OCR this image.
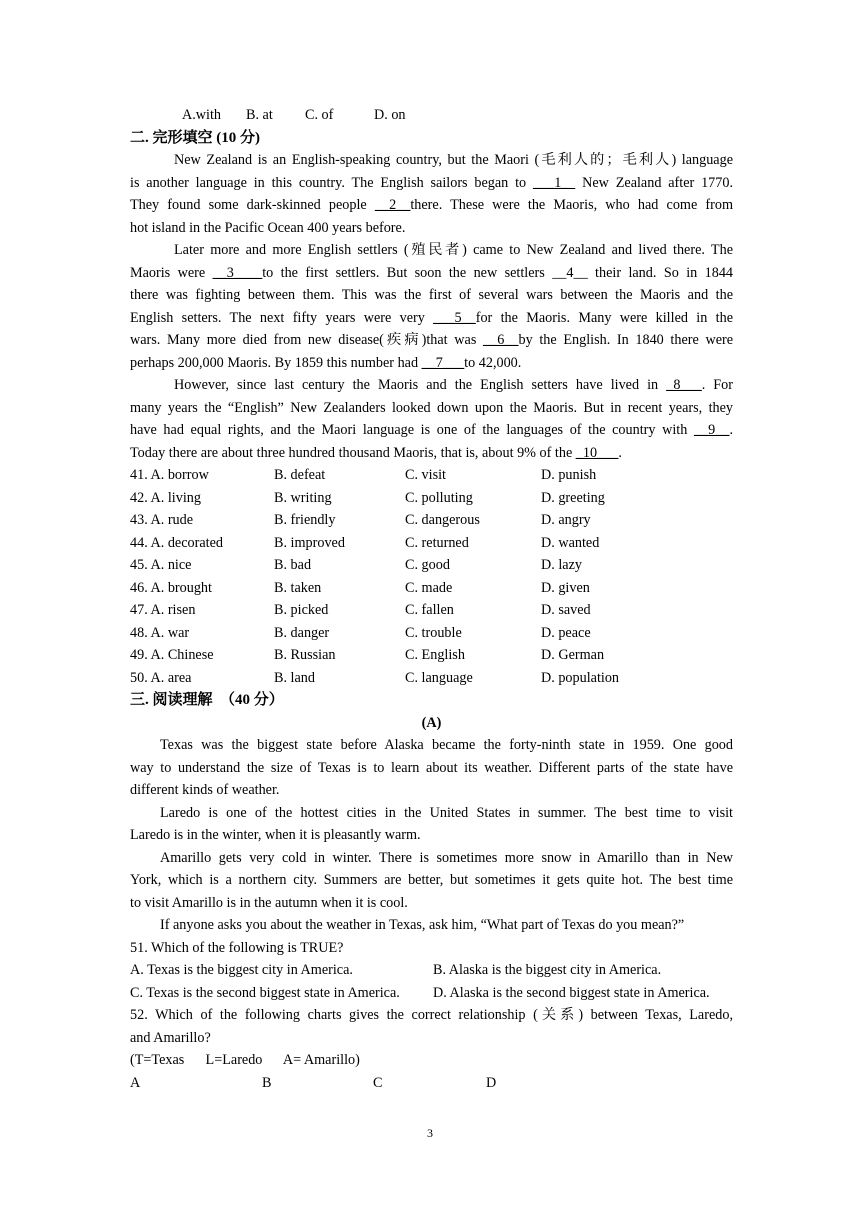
A.with B. at C. of	D. on
二. 完形填空 (10 分)
New Zealand is an English-speaking country, but the Maori (毛利人的；毛利人) language
is another language in this country. The English sailors began to ___1_  New Zealand after 1770.
They found some dark-skinned people __2__there. These were the Maoris, who had come from
hot island in the Pacific Ocean 400 years before.
Later more and more English settlers (殖民者) came to New Zealand and lived there. The
Maoris were __3____to the first settlers. But soon the new settlers __4__ their land. So in 1844
there was fighting between them. This was the first of several wars between the Maoris and the
English setters. The next fifty years were very ___5__for the Maoris. Many were killed in the
wars. Many more died from new disease(疾病)that was __6__by the English. In 1840 there were
perhaps 200,000 Maoris. By 1859 this number had __7___to 42,000.
However, since last century the Maoris and the English setters have lived in _8___. For
many years the “English” New Zealanders looked down upon the Maoris. But in recent years, they
have had equal rights, and the Maori language is one of the languages of the country with __9__.
Today there are about three hundred thousand Maoris, that is, about 9% of the _10___.
41. A. borrow	B. defeat	C. visit	D. punish
42. A. living	B. writing	C. polluting	D. greeting
43. A. rude	B. friendly	C. dangerous	D. angry
44. A. decorated	B. improved	C. returned	D. wanted
45. A. nice	B. bad	C. good	D. lazy
46. A. brought	B. taken	C. made	D. given
47. A. risen	B. picked	C. fallen	D. saved
48. A. war	B. danger	C. trouble	D. peace
49. A. Chinese	B. Russian	C. English	D. German
50. A. area	B. land	C. language	D. population
三. 阅读理解 （40 分）
(A)
Texas was the biggest state before Alaska became the forty-ninth state in 1959. One good
way to understand the size of Texas is to learn about its weather. Different parts of the state have
different kinds of weather.
Laredo is one of the hottest cities in the United States in summer. The best time to visit
Laredo is in the winter, when it is pleasantly warm.
Amarillo gets very cold in winter. There is sometimes more snow in Amarillo than in New
York, which is a northern city. Summers are better, but sometimes it gets quite hot. The best time
to visit Amarillo is in the autumn when it is cool.
If anyone asks you about the weather in Texas, ask him, “What part of Texas do you mean?”
51. Which of the following is TRUE?
A. Texas is the biggest city in America.	B. Alaska is the biggest city in America.
C. Texas is the second biggest state in America. D. Alaska is the second biggest state in America.
52. Which of the following charts gives the correct relationship (关系) between Texas, Laredo,
and Amarillo?
(T=Texas      L=Laredo      A= Amarillo)
A	B	C	D
3
